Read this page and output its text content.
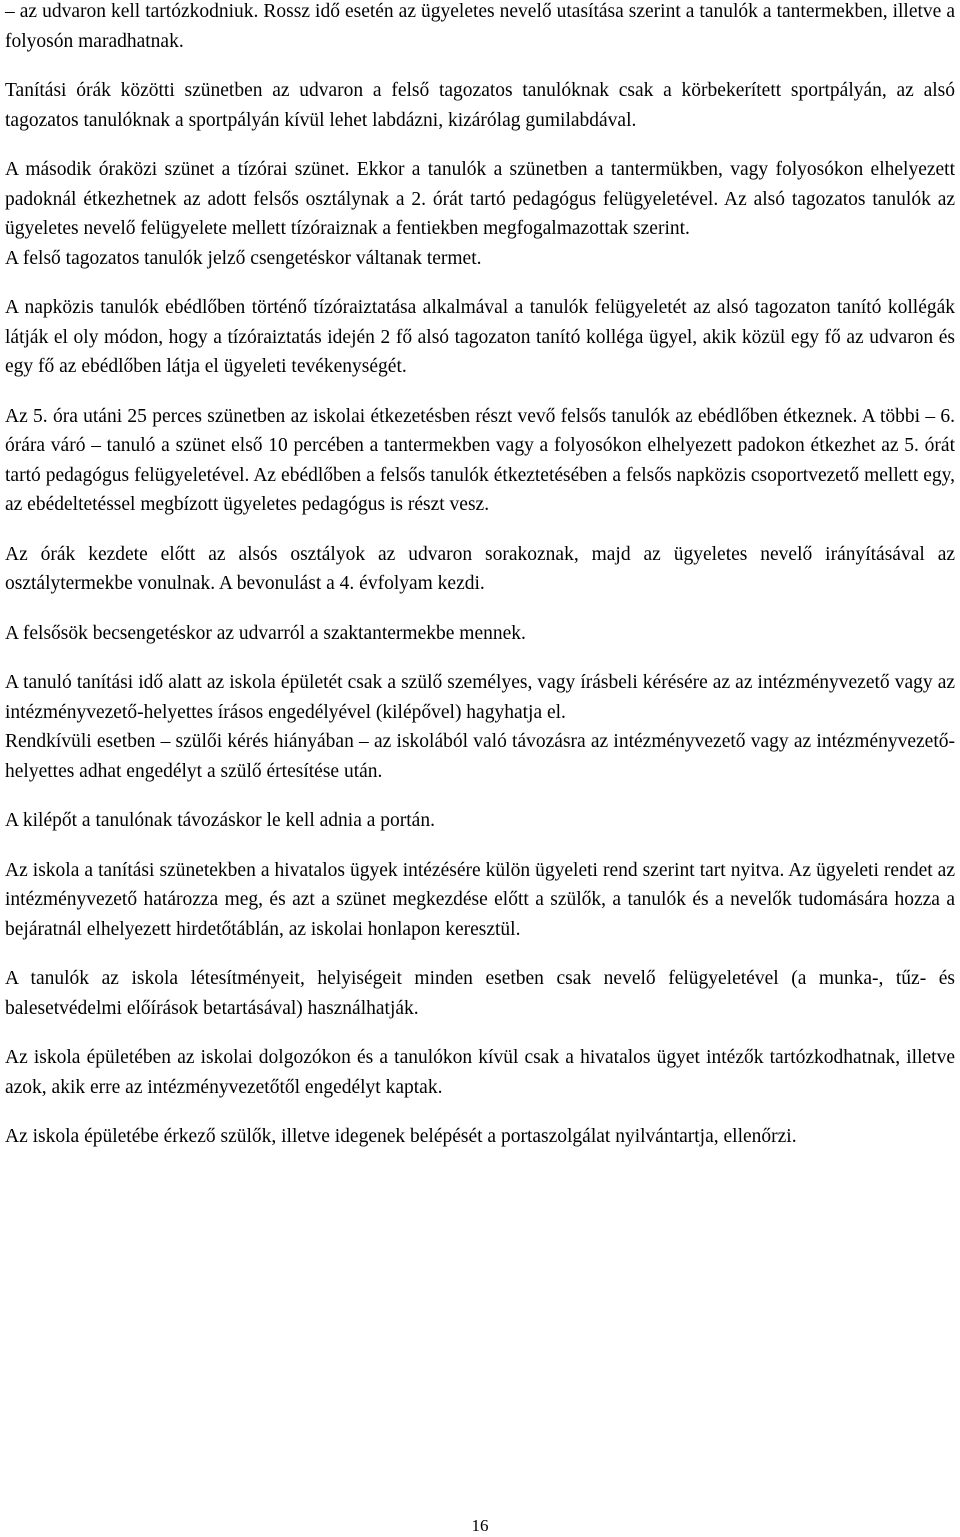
– az udvaron kell tartózkodniuk. Rossz idő esetén az ügyeletes nevelő utasítása szerint a tanulók a tantermekben, illetve a folyosón maradhatnak.

Tanítási órák közötti szünetben az udvaron a felső tagozatos tanulóknak csak a körbekerített sportpályán, az alsó tagozatos tanulóknak a sportpályán kívül lehet labdázni, kizárólag gumilabdával.

A második óraközi szünet a tízórai szünet. Ekkor a tanulók a szünetben a tantermükben, vagy folyosókon elhelyezett padoknál étkezhetnek az adott felsős osztálynak a 2. órát tartó pedagógus felügyeletével. Az alsó tagozatos tanulók az ügyeletes nevelő felügyelete mellett tízóraiznak a fentiekben megfogalmazottak szerint.

A felső tagozatos tanulók jelző csengetéskor váltanak termet.

A napközis tanulók ebédlőben történő tízóraiztatása alkalmával a tanulók felügyeletét az alsó tagozaton tanító kollégák látják el oly módon, hogy a tízóraiztatás idején 2 fő alsó tagozaton tanító kolléga ügyel, akik közül egy fő az udvaron és egy fő az ebédlőben látja el ügyeleti tevékenységét.

Az 5. óra utáni 25 perces szünetben az iskolai étkezetésben részt vevő felsős tanulók az ebédlőben étkeznek. A többi – 6. órára váró – tanuló a szünet első 10 percében a tantermekben vagy a folyosókon elhelyezett padokon étkezhet az 5. órát tartó pedagógus felügyeletével. Az ebédlőben a felsős tanulók étkeztetésében a felsős napközis csoportvezető mellett egy, az ebédeltetéssel megbízott ügyeletes pedagógus is részt vesz.

Az órák kezdete előtt az alsós osztályok az udvaron sorakoznak, majd az ügyeletes nevelő irányításával az osztálytermekbe vonulnak. A bevonulást a 4. évfolyam kezdi.

A felsősök becsengetéskor az udvarról a szaktantermekbe mennek.

A tanuló tanítási idő alatt az iskola épületét csak a szülő személyes, vagy írásbeli kérésére az az intézményvezető vagy az intézményvezető-helyettes írásos engedélyével (kilépővel) hagyhatja el.

Rendkívüli esetben – szülői kérés hiányában – az iskolából való távozásra az intézményvezető vagy az intézményvezető-helyettes adhat engedélyt a szülő értesítése után.

A kilépőt a tanulónak távozáskor le kell adnia a portán.

Az iskola a tanítási szünetekben a hivatalos ügyek intézésére külön ügyeleti rend szerint tart nyitva. Az ügyeleti rendet az intézményvezető határozza meg, és azt a szünet megkezdése előtt a szülők, a tanulók és a nevelők tudomására hozza a bejáratnál elhelyezett hirdetőtáblán, az iskolai honlapon keresztül.

A tanulók az iskola létesítményeit, helyiségeit minden esetben csak nevelő felügyeletével (a munka-, tűz- és balesetvédelmi előírások betartásával) használhatják.

Az iskola épületében az iskolai dolgozókon és a tanulókon kívül csak a hivatalos ügyet intézők tartózkodhatnak, illetve azok, akik erre az intézményvezetőtől engedélyt kaptak.

Az iskola épületébe érkező szülők, illetve idegenek belépését a portaszolgálat nyilvántartja, ellenőrzi.

16
